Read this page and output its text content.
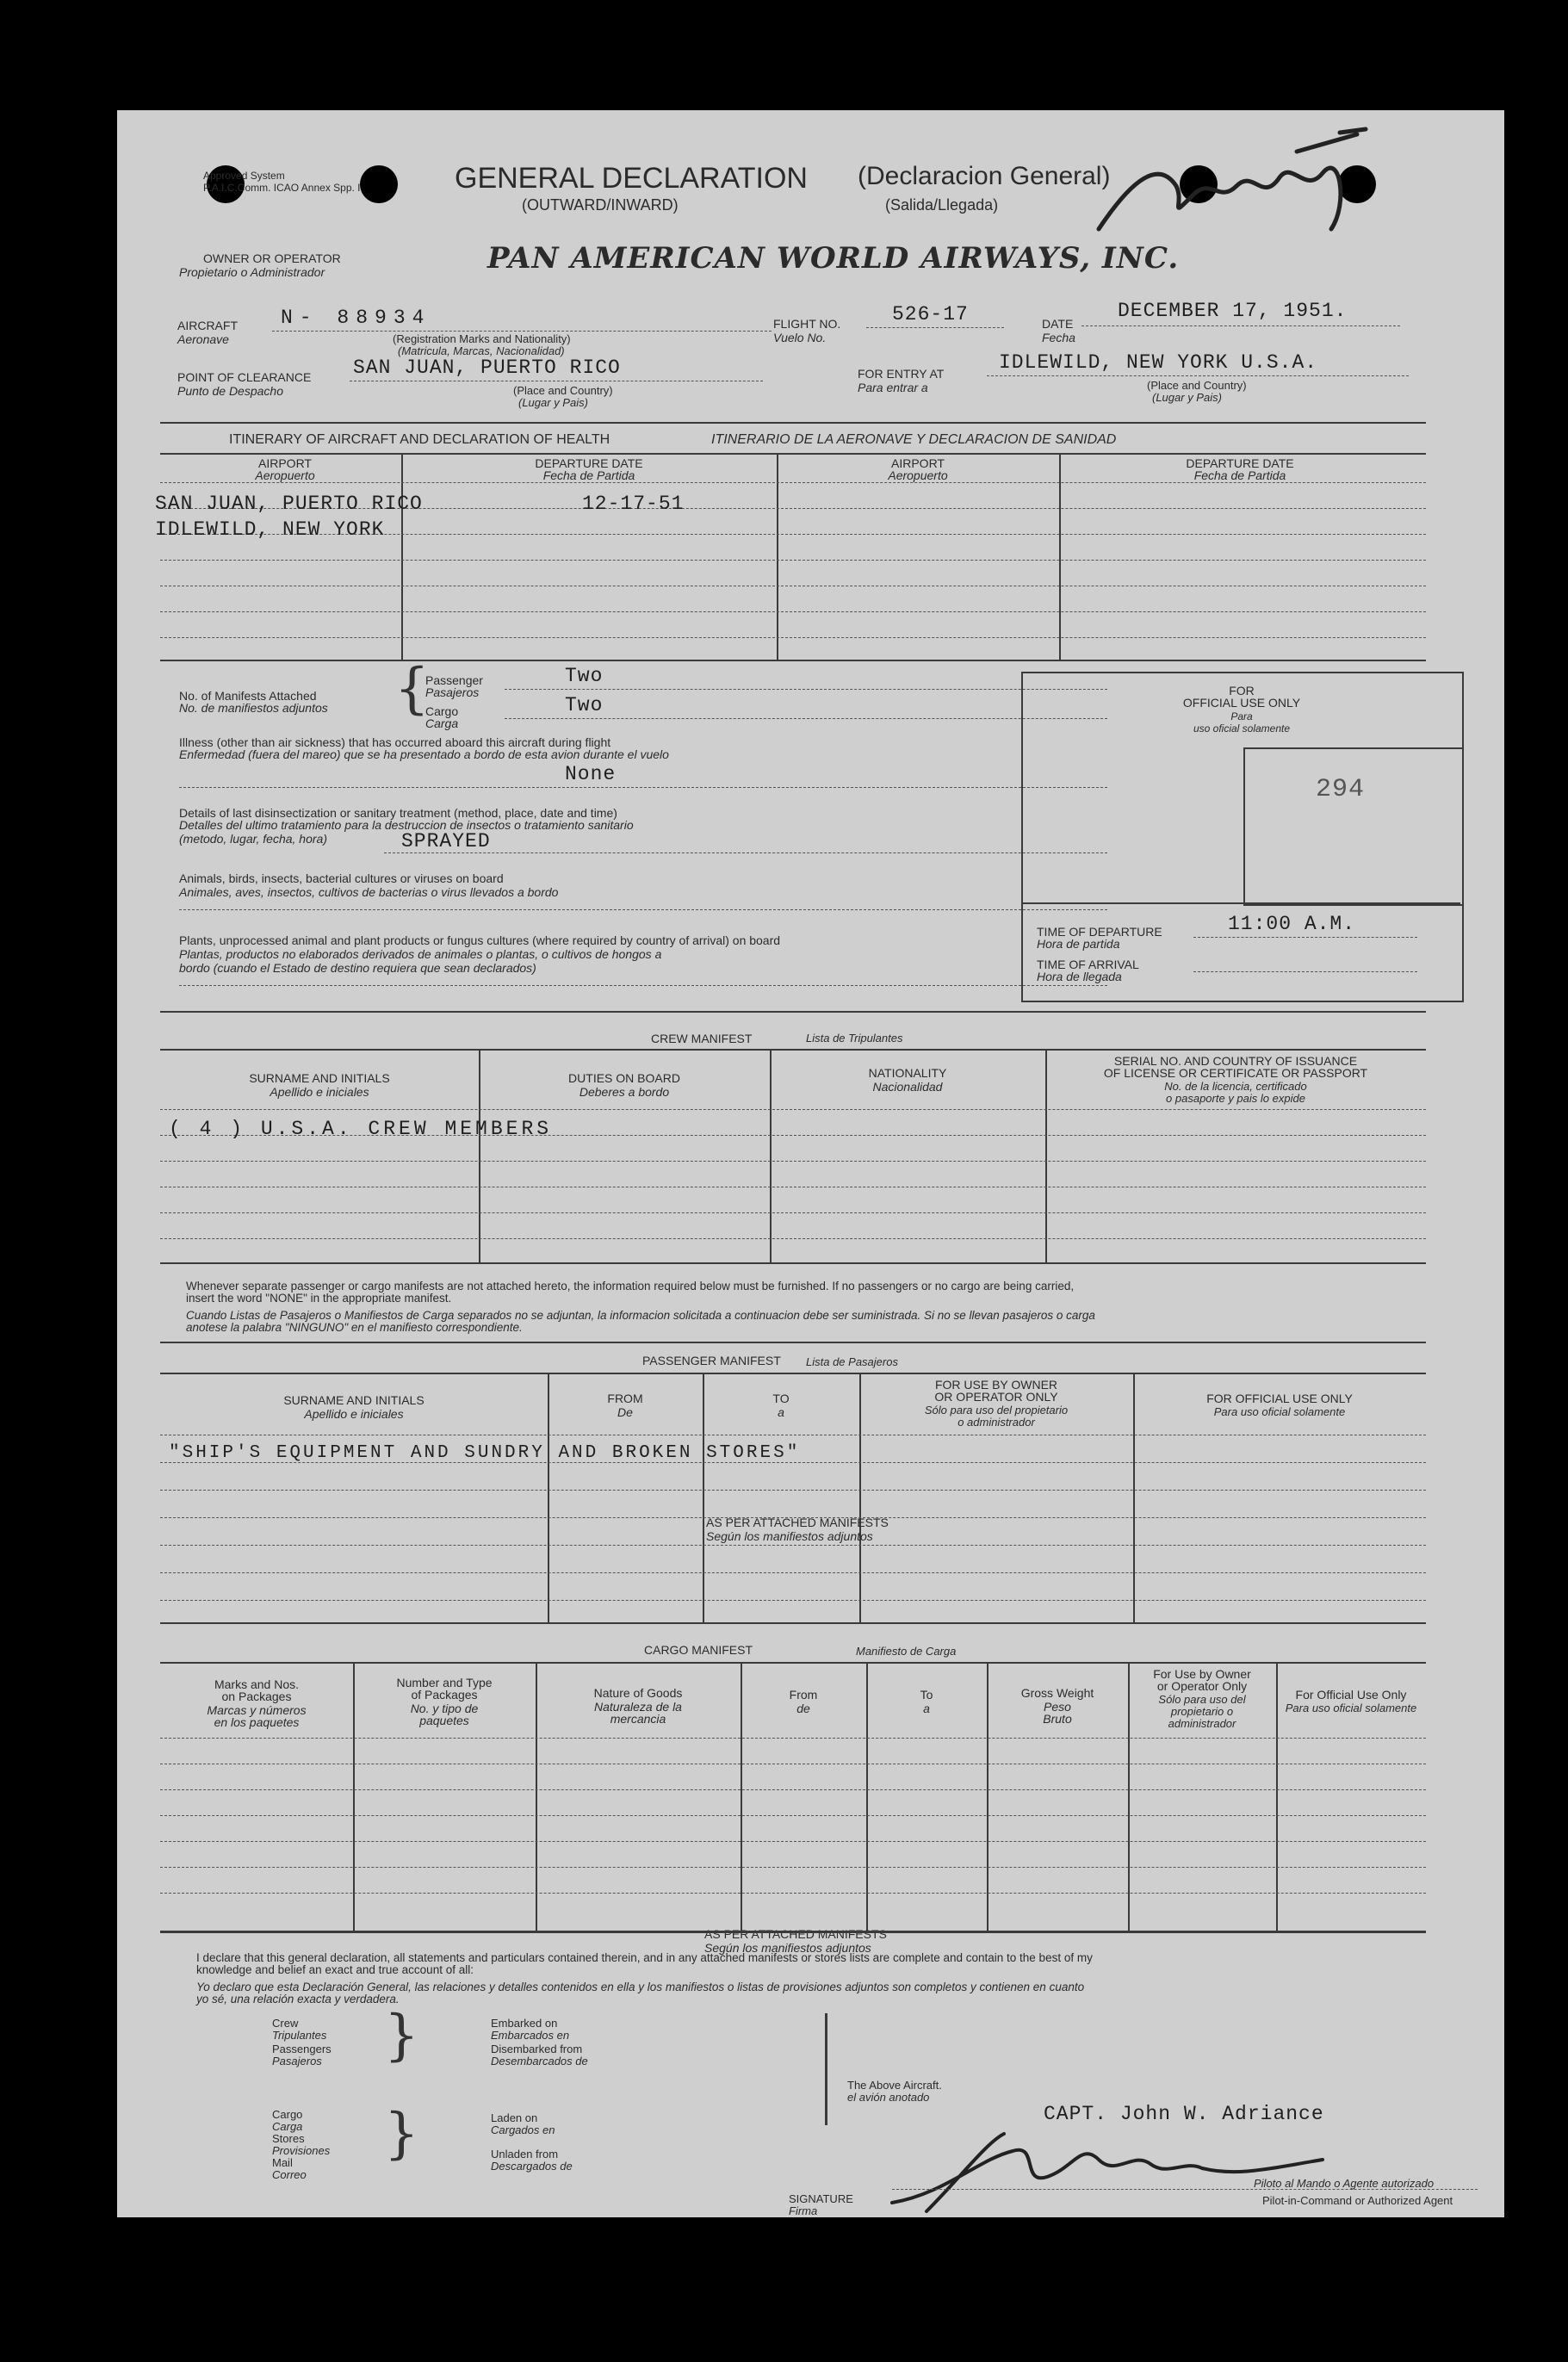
Approved System
P.A.I.C.Comm. ICAO Annex Spp. I	GENERAL DECLARATION (Declaracion General)
(OUTWARD/INWARD)	(Salida/Llegada)
OWNER OR OPERATOR
Propietario o Administrador	PAN AMERICAN WORLD AIRWAYS, INC.
AIRCRAFT
Aeronave
N- 88934
(Registration Marks and Nationality)
(Matricula, Marcas, Nacionalidad)
FLIGHT NO.
Vuelo No.
526-17	DATE
Fecha
DECEMBER 17, 1951.
POINT OF CLEARANCE
Punto de Despacho
SAN JUAN, PUERTO RICO
(Place and Country)
(Lugar y Pais)
FOR ENTRY AT
Para entrar a
IDLEWILD, NEW YORK U.S.A.
(Place and Country)
(Lugar y Pais)
ITINERARY OF AIRCRAFT AND DECLARATION OF HEALTH	ITINERARIO DE LA AERONAVE Y DECLARACION DE SANIDAD
AIRPORT
Aeropuerto
DEPARTURE DATE
Fecha de Partida
AIRPORT
Aeropuerto
DEPARTURE DATE
Fecha de Partida
SAN JUAN, PUERTO RICO	12-17-51
IDLEWILD, NEW YORK
No. of Manifests Attached
No. de manifiestos adjuntos {
Passenger
Pasajeros
Two
Cargo
Carga
Two
Illness (other than air sickness) that has occurred aboard this aircraft during flight
Enfermedad (fuera del mareo) que se ha presentado a bordo de esta avion durante el vuelo
None
Details of last disinsectization or sanitary treatment (method, place, date and time)
Detalles del ultimo tratamiento para la destruccion de insectos o tratamiento sanitario
(metodo, lugar, fecha, hora)	SPRAYED
Animals, birds, insects, bacterial cultures or viruses on board
Animales, aves, insectos, cultivos de bacterias o virus llevados a bordo
Plants, unprocessed animal and plant products or fungus cultures (where required by country of arrival) on board
Plantas, productos no elaborados derivados de animales o plantas, o cultivos de hongos a
bordo (cuando el Estado de destino requiera que sean declarados)
FOR
OFFICIAL USE ONLY
Para
uso oficial solamente
294
TIME OF DEPARTURE
Hora de partida
11:00 A.M.
TIME OF ARRIVAL
Hora de llegada
CREW MANIFEST	Lista de Tripulantes
SURNAME AND INITIALS
Apellido e iniciales
DUTIES ON BOARD
Deberes a bordo
NATIONALITY
Nacionalidad
SERIAL NO. AND COUNTRY OF ISSUANCE
OF LICENSE OR CERTIFICATE OR PASSPORT
No. de la licencia, certificado
o pasaporte y pais lo expide
( 4 ) U.S.A. CREW MEMBERS
Whenever separate passenger or cargo manifests are not attached hereto, the information required below must be furnished. If no passengers or no cargo are being carried,
insert the word "NONE" in the appropriate manifest.
Cuando Listas de Pasajeros o Manifiestos de Carga separados no se adjuntan, la informacion solicitada a continuacion debe ser suministrada. Si no se llevan pasajeros o carga
anotese la palabra "NINGUNO" en el manifiesto correspondiente.
PASSENGER MANIFEST Lista de Pasajeros
SURNAME AND INITIALS
Apellido e iniciales
FROM
De
TO
a
FOR USE BY OWNER
OR OPERATOR ONLY
Sólo para uso del propietario
o administrador
FOR OFFICIAL USE ONLY
Para uso oficial solamente
"SHIP'S EQUIPMENT AND SUNDRY AND BROKEN STORES"
AS PER ATTACHED MANIFESTS
Según los manifiestos adjuntos
CARGO MANIFEST	Manifiesto de Carga
Marks and Nos.
on Packages
Marcas y números
en los paquetes
Number and Type
of Packages
No. y tipo de
paquetes
Nature of Goods
Naturaleza de la
mercancia
From
de
To
a
Gross Weight
Peso
Bruto
For Use by Owner
or Operator Only
Sólo para uso del
propietario o
administrador
For Official Use Only
Para uso oficial solamente
AS PER ATTACHED MANIFESTS
Según los manifiestos adjuntos
I declare that this general declaration, all statements and particulars contained therein, and in any attached manifests or stores lists are complete and contain to the best of my
knowledge and belief an exact and true account of all:
Yo declaro que esta Declaración General, las relaciones y detalles contenidos en ella y los manifiestos o listas de provisiones adjuntos son completos y contienen en cuanto
yo sé, una relación exacta y verdadera.
Crew
Tripulantes
Passengers
Pasajeros }	Embarked on
Embarcados en
Disembarked from
Desembarcados de
Cargo
Carga
Stores
Provisiones
Mail
Correo
}	Laden on
Cargados en
Unladen from
Descargados de
The Above Aircraft.
el avión anotado
CAPT. John W. Adriance
SIGNATURE
Firma
Piloto al Mando o Agente autorizado
Pilot-in-Command or Authorized Agent
